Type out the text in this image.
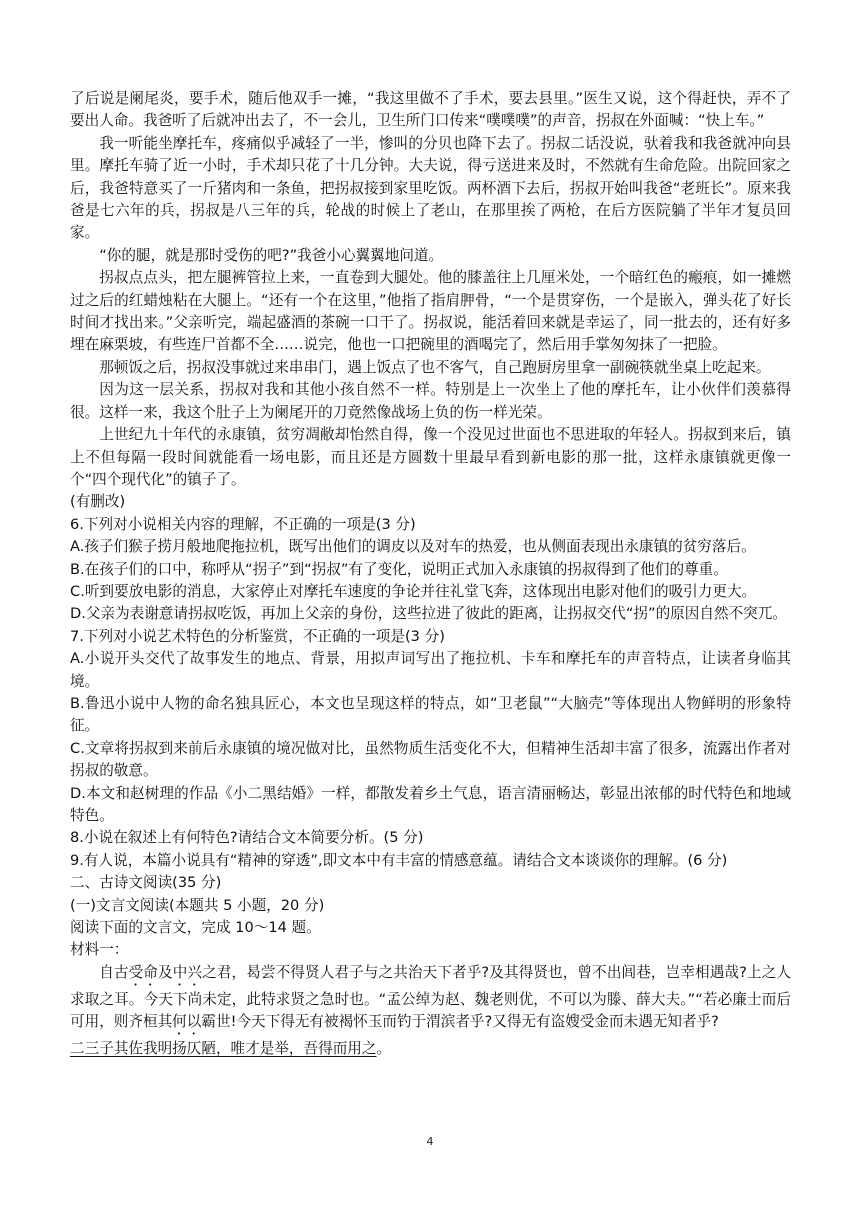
了后说是阑尾炎，要手术，随后他双手一摊，“我这里做不了手术，要去县里。”医生又说，这个得赶快，弄不了要出人命。我爸听了后就冲出去了，不一会儿，卫生所门口传来“噗噗噗”的声音，拐叔在外面喊：“快上车。”

我一听能坐摩托车，疼痛似乎减轻了一半，惨叫的分贝也降下去了。拐叔二话没说，驮着我和我爸就冲向县里。摩托车骑了近一小时，手术却只花了十几分钟。大夫说，得亏送进来及时，不然就有生命危险。出院回家之后，我爸特意买了一斤猪肉和一条鱼，把拐叔接到家里吃饭。两杯酒下去后，拐叔开始叫我爸“老班长”。原来我爸是七六年的兵，拐叔是八三年的兵，轮战的时候上了老山，在那里挨了两枪，在后方医院躺了半年才复员回家。

“你的腿，就是那时受伤的吧?”我爸小心翼翼地问道。

拐叔点点头，把左腿裤管拉上来，一直卷到大腿处。他的膝盖往上几厘米处，一个暗红色的瘢痕，如一摊燃过之后的红蜡烛粘在大腿上。“还有一个在这里，”他指了指肩胛骨，“一个是贯穿伤，一个是嵌入，弹头花了好长时间才找出来。”父亲听完，端起盛酒的茶碗一口干了。拐叔说，能活着回来就是幸运了，同一批去的，还有好多埋在麻栗坡，有些连尸首都不全……说完，他也一口把碗里的酒喝完了，然后用手掌匆匆抹了一把脸。

那顿饭之后，拐叔没事就过来串串门，遇上饭点了也不客气，自己跑厨房里拿一副碗筷就坐桌上吃起来。

因为这一层关系，拐叔对我和其他小孩自然不一样。特别是上一次坐上了他的摩托车，让小伙伴们羡慕得很。这样一来，我这个肚子上为阑尾开的刀竟然像战场上负的伤一样光荣。

上世纪九十年代的永康镇，贫穷凋敝却怡然自得，像一个没见过世面也不思进取的年轻人。拐叔到来后，镇上不但每隔一段时间就能看一场电影，而且还是方圆数十里最早看到新电影的那一批，这样永康镇就更像一个“四个现代化”的镇子了。

(有删改)

6.下列对小说相关内容的理解，不正确的一项是(3 分)

A.孩子们猴子捞月般地爬拖拉机，既写出他们的调皮以及对车的热爱，也从侧面表现出永康镇的贫穷落后。

B.在孩子们的口中，称呼从“拐子”到“拐叔”有了变化，说明正式加入永康镇的拐叔得到了他们的尊重。

C.听到要放电影的消息，大家停止对摩托车速度的争论并往礼堂飞奔，这体现出电影对他们的吸引力更大。

D.父亲为表谢意请拐叔吃饭，再加上父亲的身份，这些拉进了彼此的距离，让拐叔交代“拐”的原因自然不突兀。

7.下列对小说艺术特色的分析鉴赏，不正确的一项是(3 分)

A.小说开头交代了故事发生的地点、背景，用拟声词写出了拖拉机、卡车和摩托车的声音特点，让读者身临其境。

B.鲁迅小说中人物的命名独具匠心，本文也呈现这样的特点，如“卫老鼠”“大脑壳”等体现出人物鲜明的形象特征。

C.文章将拐叔到来前后永康镇的境况做对比，虽然物质生活变化不大，但精神生活却丰富了很多，流露出作者对拐叔的敬意。

D.本文和赵树理的作品《小二黑结婚》一样，都散发着乡土气息，语言清丽畅达，彰显出浓郁的时代特色和地域特色。

8.小说在叙述上有何特色?请结合文本简要分析。(5 分)

9.有人说，本篇小说具有“精神的穿透”,即文本中有丰富的情感意蕴。请结合文本谈谈你的理解。(6 分)

二、古诗文阅读(35 分)

(一)文言文阅读(本题共 5 小题，20 分)

阅读下面的文言文，完成 10～14 题。

材料一：

自古受命及中兴之君，曷尝不得贤人君子与之共治天下者乎?及其得贤也，曾不出闾巷，岂幸相遇哉?上之人求取之耳。今天下尚未定，此特求贤之急时也。“孟公绰为赵、魏老则优，不可以为滕、薛大夫。”“若必廉士而后可用，则齐桓其何以霸世!今天下得无有被褐怀玉而钓于渭滨者乎?又得无有盗嫂受金而未遇无知者乎?
二三子其佐我明扬仄陋，唯才是举，吾得而用之。

4
